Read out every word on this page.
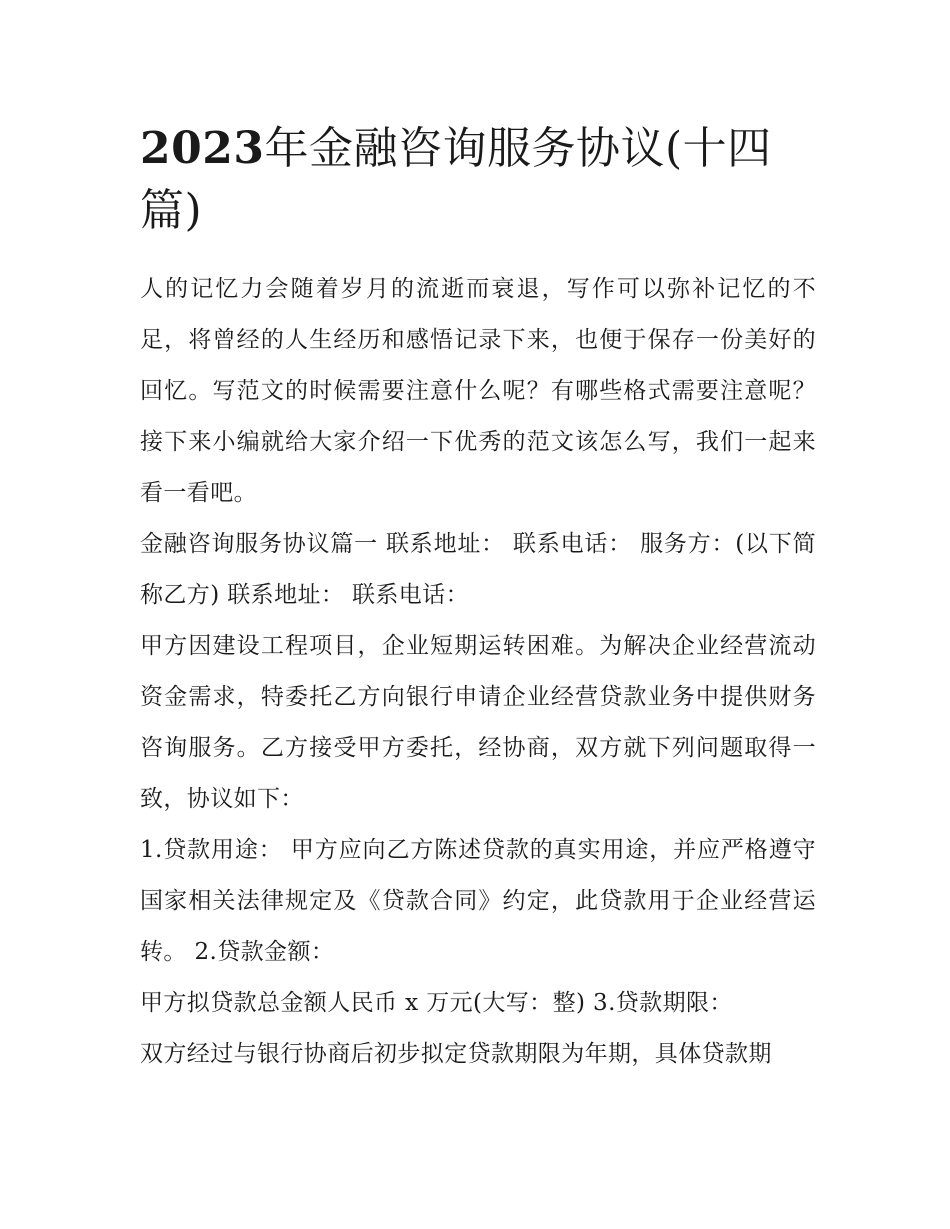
2023年金融咨询服务协议(十四篇)

人的记忆力会随着岁月的流逝而衰退，写作可以弥补记忆的不足，将曾经的人生经历和感悟记录下来，也便于保存一份美好的回忆。写范文的时候需要注意什么呢？有哪些格式需要注意呢？接下来小编就给大家介绍一下优秀的范文该怎么写，我们一起来看一看吧。

金融咨询服务协议篇一 联系地址： 联系电话： 服务方：(以下简称乙方) 联系地址： 联系电话：

甲方因建设工程项目，企业短期运转困难。为解决企业经营流动资金需求，特委托乙方向银行申请企业经营贷款业务中提供财务咨询服务。乙方接受甲方委托，经协商，双方就下列问题取得一致，协议如下：

1.贷款用途： 甲方应向乙方陈述贷款的真实用途，并应严格遵守国家相关法律规定及《贷款合同》约定，此贷款用于企业经营运转。 2.贷款金额：

甲方拟贷款总金额人民币 x 万元(大写：整) 3.贷款期限：

双方经过与银行协商后初步拟定贷款期限为年期，具体贷款期
